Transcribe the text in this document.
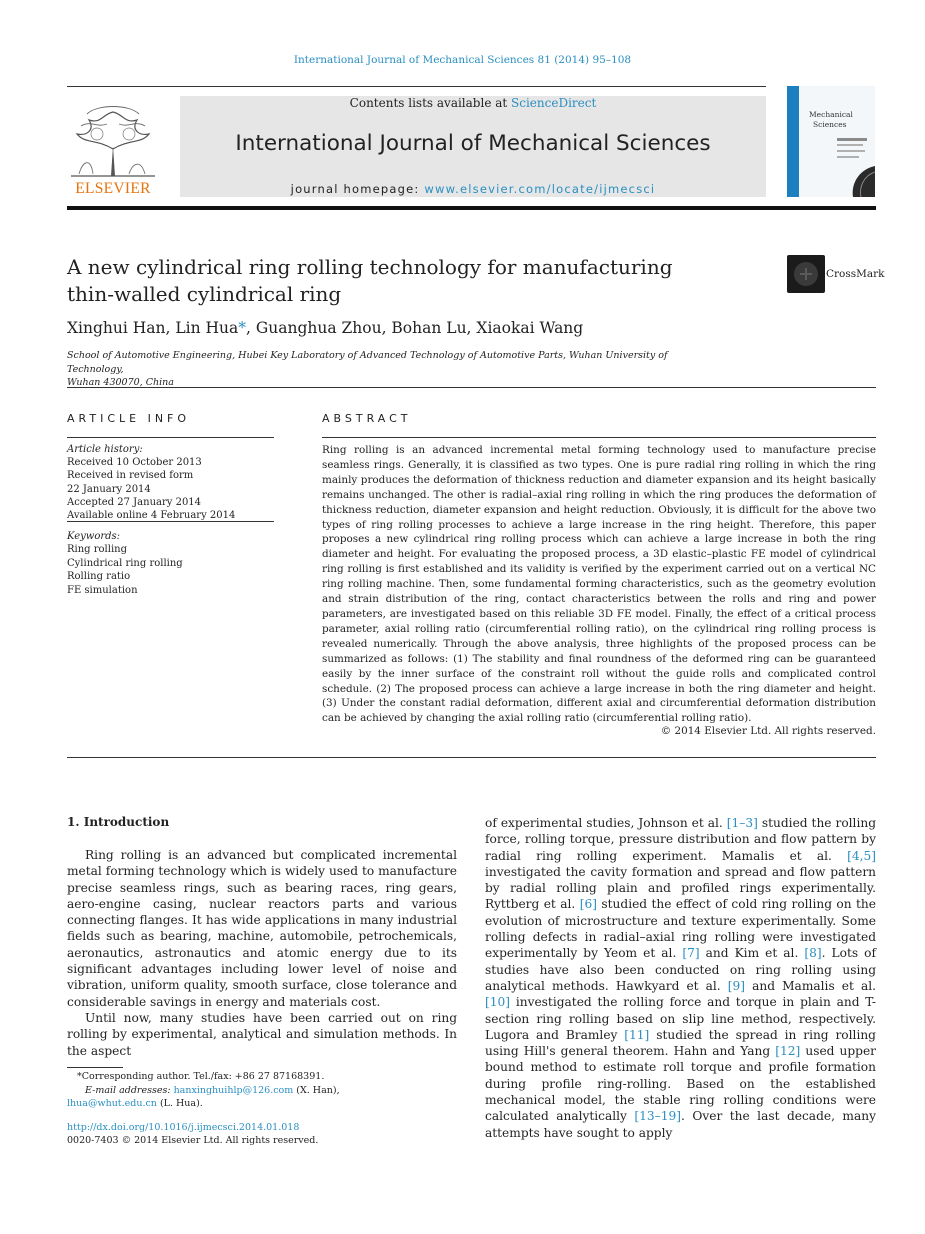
International Journal of Mechanical Sciences 81 (2014) 95–108
ELSEVIER
Contents lists available at ScienceDirect
International Journal of Mechanical Sciences
journal homepage: www.elsevier.com/locate/ijmecsci
Mechanical
Sciences
A new cylindrical ring rolling technology for manufacturing
thin-walled cylindrical ring
CrossMark
Xinghui Han, Lin Hua*, Guanghua Zhou, Bohan Lu, Xiaokai Wang
School of Automotive Engineering, Hubei Key Laboratory of Advanced Technology of Automotive Parts, Wuhan University of Technology,
Wuhan 430070, China
ARTICLE INFO	ABSTRACT
Article history:
Received 10 October 2013
Received in revised form
22 January 2014
Accepted 27 January 2014
Available online 4 February 2014
Keywords:
Ring rolling
Cylindrical ring rolling
Rolling ratio
FE simulation
Ring rolling is an advanced incremental metal forming technology used to manufacture precise seamless rings. Generally, it is classified as two types. One is pure radial ring rolling in which the ring mainly produces the deformation of thickness reduction and diameter expansion and its height basically remains unchanged. The other is radial–axial ring rolling in which the ring produces the deformation of thickness reduction, diameter expansion and height reduction. Obviously, it is difficult for the above two types of ring rolling processes to achieve a large increase in the ring height. Therefore, this paper proposes a new cylindrical ring rolling process which can achieve a large increase in both the ring diameter and height. For evaluating the proposed process, a 3D elastic–plastic FE model of cylindrical ring rolling is first established and its validity is verified by the experiment carried out on a vertical NC ring rolling machine. Then, some fundamental forming characteristics, such as the geometry evolution and strain distribution of the ring, contact characteristics between the rolls and ring and power parameters, are investigated based on this reliable 3D FE model. Finally, the effect of a critical process parameter, axial rolling ratio (circumferential rolling ratio), on the cylindrical ring rolling process is revealed numerically. Through the above analysis, three highlights of the proposed process can be summarized as follows: (1) The stability and final roundness of the deformed ring can be guaranteed easily by the inner surface of the constraint roll without the guide rolls and complicated control schedule. (2) The proposed process can achieve a large increase in both the ring diameter and height. (3) Under the constant radial deformation, different axial and circumferential deformation distribution can be achieved by changing the axial rolling ratio (circumferential rolling ratio).
© 2014 Elsevier Ltd. All rights reserved.
1. Introduction

Ring rolling is an advanced but complicated incremental metal forming technology which is widely used to manufacture precise seamless rings, such as bearing races, ring gears, aero-engine casing, nuclear reactors parts and various connecting flanges. It has wide applications in many industrial fields such as bearing, machine, automobile, petrochemicals, aeronautics, astronautics and atomic energy due to its significant advantages including lower level of noise and vibration, uniform quality, smooth surface, close tolerance and considerable savings in energy and materials cost.

Until now, many studies have been carried out on ring rolling by experimental, analytical and simulation methods. In the aspect

of experimental studies, Johnson et al. [1–3] studied the rolling force, rolling torque, pressure distribution and flow pattern by radial ring rolling experiment. Mamalis et al. [4,5] investigated the cavity formation and spread and flow pattern by radial rolling plain and profiled rings experimentally. Ryttberg et al. [6] studied the effect of cold ring rolling on the evolution of microstructure and texture experimentally. Some rolling defects in radial–axial ring rolling were investigated experimentally by Yeom et al. [7] and Kim et al. [8]. Lots of studies have also been conducted on ring rolling using analytical methods. Hawkyard et al. [9] and Mamalis et al. [10] investigated the rolling force and torque in plain and T-section ring rolling based on slip line method, respectively. Lugora and Bramley [11] studied the spread in ring rolling using Hill's general theorem. Hahn and Yang [12] used upper bound method to estimate roll torque and profile formation during profile ring-rolling. Based on the established mechanical model, the stable ring rolling conditions were calculated analytically [13–19]. Over the last decade, many attempts have sought to apply

*Corresponding author. Tel./fax: +86 27 87168391.
E-mail addresses: hanxinghuihlp@126.com (X. Han),
lhua@whut.edu.cn (L. Hua).
http://dx.doi.org/10.1016/j.ijmecsci.2014.01.018
0020-7403 © 2014 Elsevier Ltd. All rights reserved.
